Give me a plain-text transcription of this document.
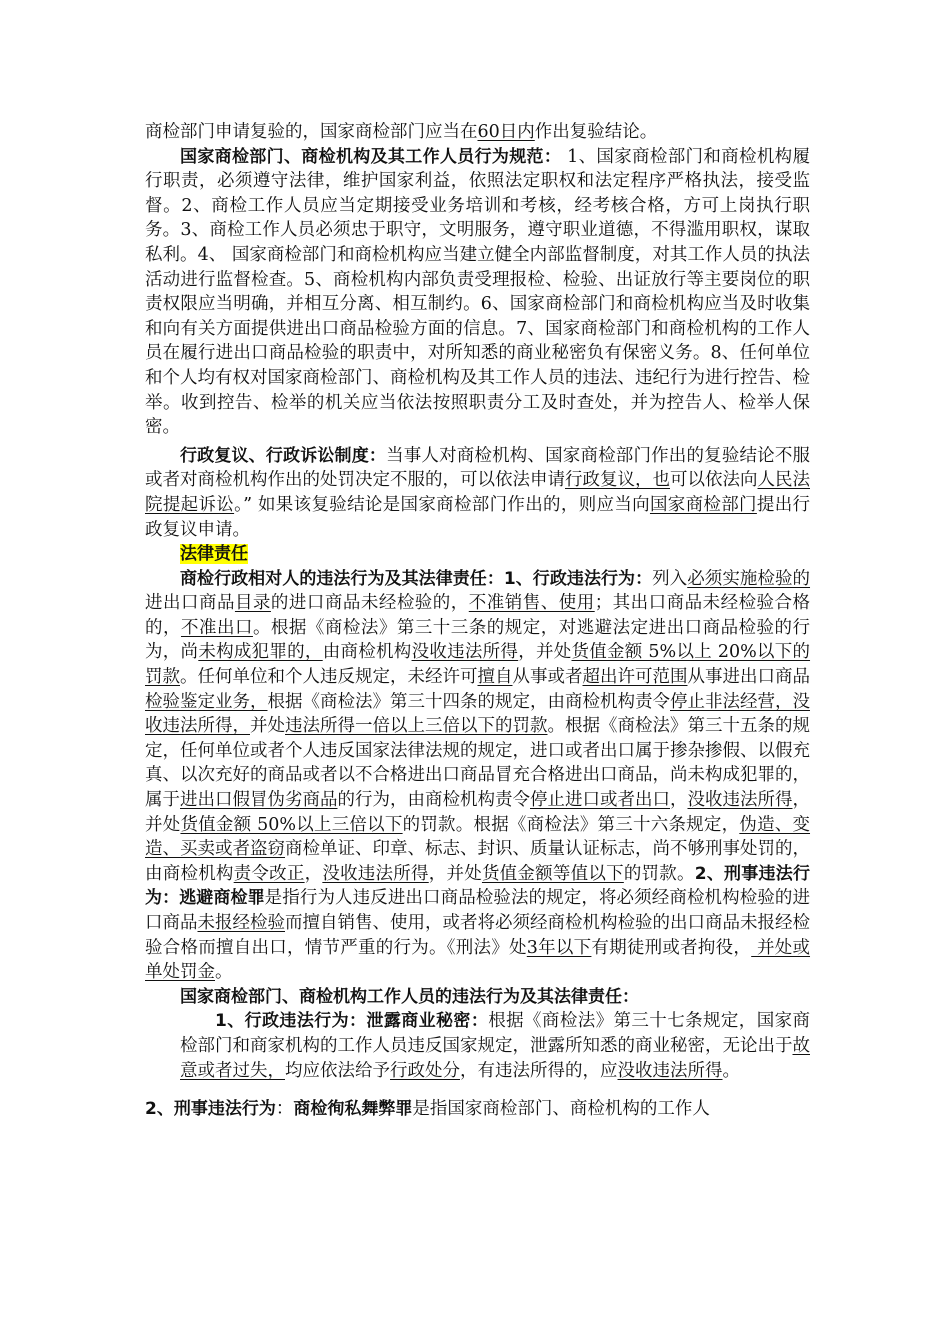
商检部门申请复验的，国家商检部门应当在60日内作出复验结论。

国家商检部门、商检机构及其工作人员行为规范： 1、国家商检部门和商检机构履行职责，必须遵守法律，维护国家利益，依照法定职权和法定程序严格执法，接受监督。2、商检工作人员应当定期接受业务培训和考核，经考核合格，方可上岗执行职务。3、商检工作人员必须忠于职守，文明服务，遵守职业道德，不得滥用职权，谋取私利。4、 国家商检部门和商检机构应当建立健全内部监督制度，对其工作人员的执法活动进行监督检查。5、商检机构内部负责受理报检、检验、出证放行等主要岗位的职责权限应当明确，并相互分离、相互制约。6、国家商检部门和商检机构应当及时收集和向有关方面提供进出口商品检验方面的信息。7、国家商检部门和商检机构的工作人员在履行进出口商品检验的职责中，对所知悉的商业秘密负有保密义务。8、任何单位和个人均有权对国家商检部门、商检机构及其工作人员的违法、违纪行为进行控告、检举。收到控告、检举的机关应当依法按照职责分工及时查处，并为控告人、检举人保密。

行政复议、行政诉讼制度：当事人对商检机构、国家商检部门作出的复验结论不服或者对商检机构作出的处罚决定不服的，可以依法申请行政复议，也可以依法向人民法院提起诉讼。” 如果该复验结论是国家商检部门作出的，则应当向国家商检部门提出行政复议申请。

法律责任

商检行政相对人的违法行为及其法律责任：1、行政违法行为：列入必须实施检验的进出口商品目录的进口商品未经检验的，不准销售、使用；其出口商品未经检验合格的，不准出口。根据《商检法》第三十三条的规定，对逃避法定进出口商品检验的行为，尚未构成犯罪的，由商检机构没收违法所得，并处货值金额 5%以上 20%以下的罚款。任何单位和个人违反规定，未经许可擅自从事或者超出许可范围从事进出口商品检验鉴定业务，根据《商检法》第三十四条的规定，由商检机构责令停止非法经营，没收违法所得，并处违法所得一倍以上三倍以下的罚款。根据《商检法》第三十五条的规定，任何单位或者个人违反国家法律法规的规定，进口或者出口属于掺杂掺假、以假充真、以次充好的商品或者以不合格进出口商品冒充合格进出口商品，尚未构成犯罪的，属于进出口假冒伪劣商品的行为，由商检机构责令停止进口或者出口，没收违法所得，并处货值金额 50%以上三倍以下的罚款。根据《商检法》第三十六条规定，伪造、变造、买卖或者盗窃商检单证、印章、标志、封识、质量认证标志，尚不够刑事处罚的，由商检机构责令改正，没收违法所得，并处货值金额等值以下的罚款。2、刑事违法行为：逃避商检罪是指行为人违反进出口商品检验法的规定，将必须经商检机构检验的进口商品未报经检验而擅自销售、使用，或者将必须经商检机构检验的出口商品未报经检验合格而擅自出口，情节严重的行为。《刑法》处3年以下有期徒刑或者拘役， 并处或单处罚金。

国家商检部门、商检机构工作人员的违法行为及其法律责任：

1、行政违法行为：泄露商业秘密：根据《商检法》第三十七条规定，国家商检部门和商家机构的工作人员违反国家规定，泄露所知悉的商业秘密，无论出于故意或者过失，均应依法给予行政处分，有违法所得的，应没收违法所得。

2、刑事违法行为：商检徇私舞弊罪是指国家商检部门、商检机构的工作人
